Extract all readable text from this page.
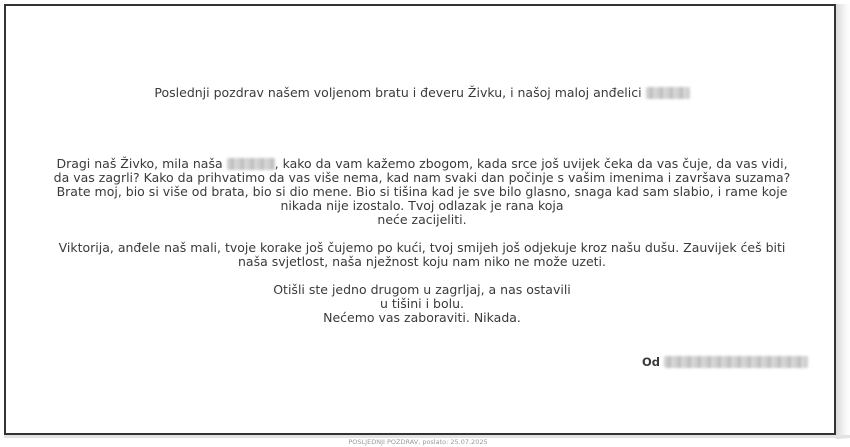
Poslednji pozdrav našem voljenom bratu i đeveru Živku, i našoj maloj anđelici
Dragi naš Živko, mila naša	, kako da vam kažemo zbogom, kada srce još uvijek čeka da vas čuje, da vas vidi,
da vas zagrli? Kako da prihvatimo da vas više nema, kad nam svaki dan počinje s vašim imenima i završava suzama?
Brate moj, bio si više od brata, bio si dio mene. Bio si tišina kad je sve bilo glasno, snaga kad sam slabio, i rame koje
nikada nije izostalo. Tvoj odlazak je rana koja
neće zacijeliti.
Viktorija, anđele naš mali, tvoje korake još čujemo po kući, tvoj smijeh još odjekuje kroz našu dušu. Zauvijek ćeš biti
naša svjetlost, naša nježnost koju nam niko ne može uzeti.
Otišli ste jedno drugom u zagrljaj, a nas ostavili
u tišini i bolu.
Nećemo vas zaboraviti. Nikada.
Od
POSLJEDNJI POZDRAV, poslato: 25.07.2025
